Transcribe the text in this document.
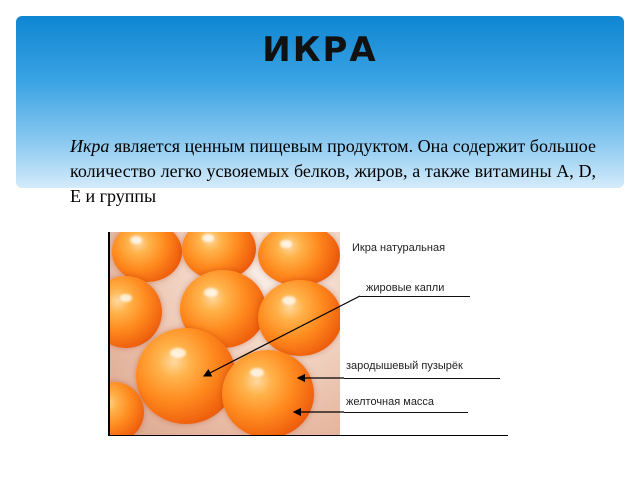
ИКРА
Икра является ценным пищевым продуктом. Она содержит большое количество легко усвояемых белков, жиров, а также витамины А, D, Е и группы
Икра натуральная
жировые капли
зародышевый пузырёк
желточная масса
